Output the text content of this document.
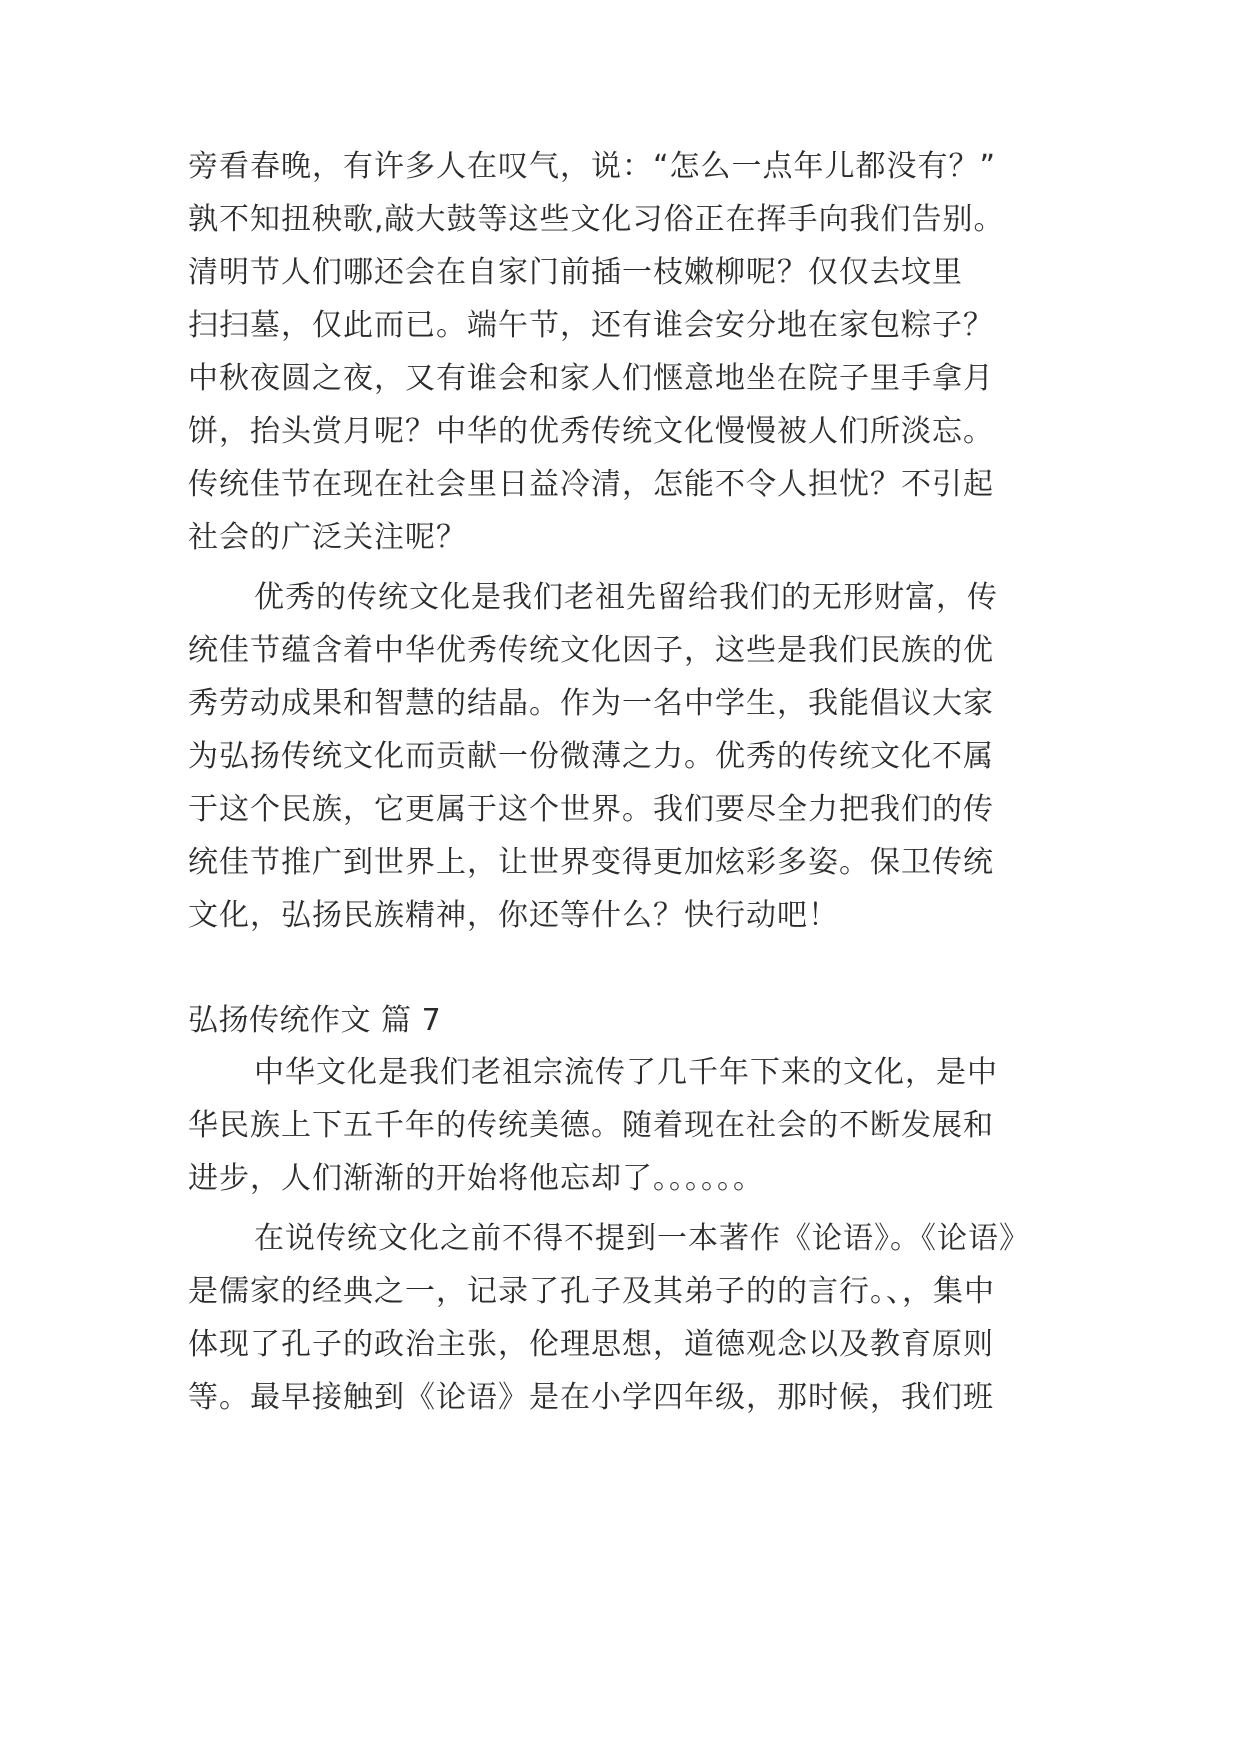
旁看春晚，有许多人在叹气，说：“怎么一点年儿都没有？”
孰不知扭秧歌,敲大鼓等这些文化习俗正在挥手向我们告别。
清明节人们哪还会在自家门前插一枝嫩柳呢？仅仅去坟里
扫扫墓，仅此而已。端午节，还有谁会安分地在家包粽子？
中秋夜圆之夜，又有谁会和家人们惬意地坐在院子里手拿月
饼，抬头赏月呢？中华的优秀传统文化慢慢被人们所淡忘。
传统佳节在现在社会里日益冷清，怎能不令人担忧？不引起
社会的广泛关注呢？
优秀的传统文化是我们老祖先留给我们的无形财富，传
统佳节蕴含着中华优秀传统文化因子，这些是我们民族的优
秀劳动成果和智慧的结晶。作为一名中学生，我能倡议大家
为弘扬传统文化而贡献一份微薄之力。优秀的传统文化不属
于这个民族，它更属于这个世界。我们要尽全力把我们的传
统佳节推广到世界上，让世界变得更加炫彩多姿。保卫传统
文化，弘扬民族精神，你还等什么？快行动吧！
弘扬传统作文 篇 7
中华文化是我们老祖宗流传了几千年下来的文化，是中
华民族上下五千年的传统美德。随着现在社会的不断发展和
进步，人们渐渐的开始将他忘却了。。。。。。
在说传统文化之前不得不提到一本著作《论语》。《论语》
是儒家的经典之一，记录了孔子及其弟子的的言行。、，集中
体现了孔子的政治主张，伦理思想，道德观念以及教育原则
等。最早接触到《论语》是在小学四年级，那时候，我们班
